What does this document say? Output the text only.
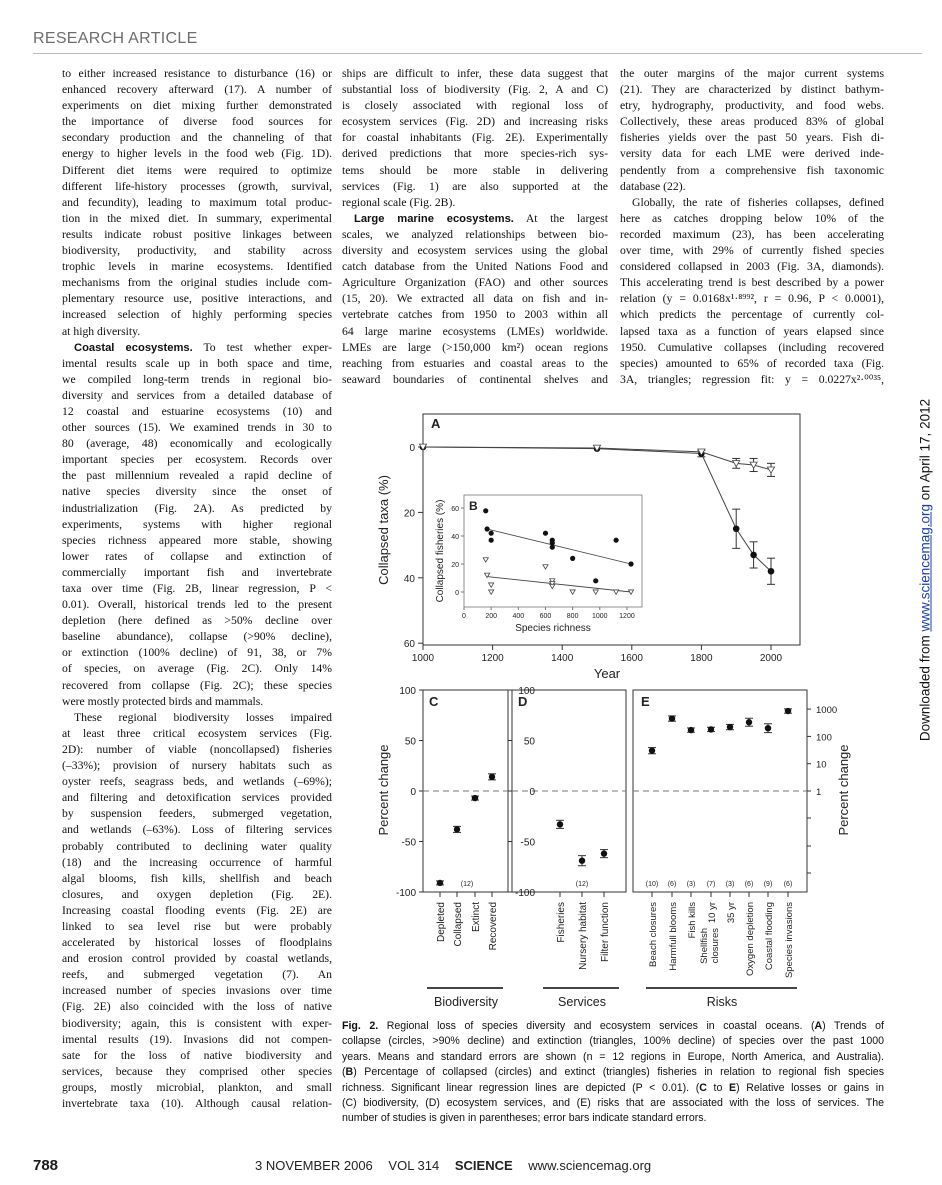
RESEARCH ARTICLE
to either increased resistance to disturbance (16) or
enhanced recovery afterward (17). A number of
experiments on diet mixing further demonstrated
the importance of diverse food sources for
secondary production and the channeling of that
energy to higher levels in the food web (Fig. 1D).
Different diet items were required to optimize
different life-history processes (growth, survival,
and fecundity), leading to maximum total produc-
tion in the mixed diet. In summary, experimental
results indicate robust positive linkages between
biodiversity, productivity, and stability across
trophic levels in marine ecosystems. Identified
mechanisms from the original studies include com-
plementary resource use, positive interactions, and
increased selection of highly performing species
at high diversity.
Coastal ecosystems. To test whether exper-
imental results scale up in both space and time,
we compiled long-term trends in regional bio-
diversity and services from a detailed database of
12 coastal and estuarine ecosystems (10) and
other sources (15). We examined trends in 30 to
80 (average, 48) economically and ecologically
important species per ecosystem. Records over
the past millennium revealed a rapid decline of
native species diversity since the onset of
industrialization (Fig. 2A). As predicted by
experiments, systems with higher regional
species richness appeared more stable, showing
lower rates of collapse and extinction of
commercially important fish and invertebrate
taxa over time (Fig. 2B, linear regression, P <
0.01). Overall, historical trends led to the present
depletion (here defined as >50% decline over
baseline abundance), collapse (>90% decline),
or extinction (100% decline) of 91, 38, or 7%
of species, on average (Fig. 2C). Only 14%
recovered from collapse (Fig. 2C); these species
were mostly protected birds and mammals.
These regional biodiversity losses impaired
at least three critical ecosystem services (Fig.
2D): number of viable (noncollapsed) fisheries
(–33%); provision of nursery habitats such as
oyster reefs, seagrass beds, and wetlands (–69%);
and filtering and detoxification services provided
by suspension feeders, submerged vegetation,
and wetlands (–63%). Loss of filtering services
probably contributed to declining water quality
(18) and the increasing occurrence of harmful
algal blooms, fish kills, shellfish and beach
closures, and oxygen depletion (Fig. 2E).
Increasing coastal flooding events (Fig. 2E) are
linked to sea level rise but were probably
accelerated by historical losses of floodplains
and erosion control provided by coastal wetlands,
reefs, and submerged vegetation (7). An
increased number of species invasions over time
(Fig. 2E) also coincided with the loss of native
biodiversity; again, this is consistent with exper-
imental results (19). Invasions did not compen-
sate for the loss of native biodiversity and
services, because they comprised other species
groups, mostly microbial, plankton, and small
invertebrate taxa (10). Although causal relation-
ships are difficult to infer, these data suggest that
substantial loss of biodiversity (Fig. 2, A and C)
is closely associated with regional loss of
ecosystem services (Fig. 2D) and increasing risks
for coastal inhabitants (Fig. 2E). Experimentally
derived predictions that more species-rich sys-
tems should be more stable in delivering
services (Fig. 1) are also supported at the
regional scale (Fig. 2B).
Large marine ecosystems. At the largest
scales, we analyzed relationships between bio-
diversity and ecosystem services using the global
catch database from the United Nations Food and
Agriculture Organization (FAO) and other sources
(15, 20). We extracted all data on fish and in-
vertebrate catches from 1950 to 2003 within all
64 large marine ecosystems (LMEs) worldwide.
LMEs are large (>150,000 km²) ocean regions
reaching from estuaries and coastal areas to the
seaward boundaries of continental shelves and
the outer margins of the major current systems
(21). They are characterized by distinct bathym-
etry, hydrography, productivity, and food webs.
Collectively, these areas produced 83% of global
fisheries yields over the past 50 years. Fish di-
versity data for each LME were derived inde-
pendently from a comprehensive fish taxonomic
database (22).
Globally, the rate of fisheries collapses, defined
here as catches dropping below 10% of the
recorded maximum (23), has been accelerating
over time, with 29% of currently fished species
considered collapsed in 2003 (Fig. 3A, diamonds).
This accelerating trend is best described by a power
relation (y = 0.0168x¹·⁸⁹⁹², r = 0.96, P < 0.0001),
which predicts the percentage of currently col-
lapsed taxa as a function of years elapsed since
1950. Cumulative collapses (including recovered
species) amounted to 65% of recorded taxa (Fig.
3A, triangles; regression fit: y = 0.0227x²·⁰⁰³⁵,
A
0
20
40
60
1000	1200	1400	1600	1800	2000
Year
Collapsed taxa (%)	B
0
20
40
60
0	200 400 600 800 1000 1200
Species richness
Collapsed fisheries (%)
C
100
50
0
-50
-100
Depleted Collapsed Extinct Recovered
(12)
D
100
50
0
-50
-100
Fisheries Nursery habitat Filter function
(12)
Percent change
E
1000
100
10
1 Percent change
Beach closures
(10)
Harmfull blooms
(6)
Fish kills
(3)
10 yr
(7)
35 yr
(3)
Oxygen depletion
(6)
Coastal flooding
(9)
Species invasions
(6)
Shellfish closures
Biodiversity	Services	Risks
Fig. 2. Regional loss of species diversity and ecosystem services in coastal oceans. (A) Trends of
collapse (circles, >90% decline) and extinction (triangles, 100% decline) of species over the past 1000
years. Means and standard errors are shown (n = 12 regions in Europe, North America, and Australia).
(B) Percentage of collapsed (circles) and extinct (triangles) fisheries in relation to regional fish species
richness. Significant linear regression lines are depicted (P < 0.01). (C to E) Relative losses or gains in
(C) biodiversity, (D) ecosystem services, and (E) risks that are associated with the loss of services. The
number of studies is given in parentheses; error bars indicate standard errors.
Downloaded from www.sciencemag.org on April 17, 2012
788	3 NOVEMBER 2006 VOL 314 SCIENCE www.sciencemag.org
